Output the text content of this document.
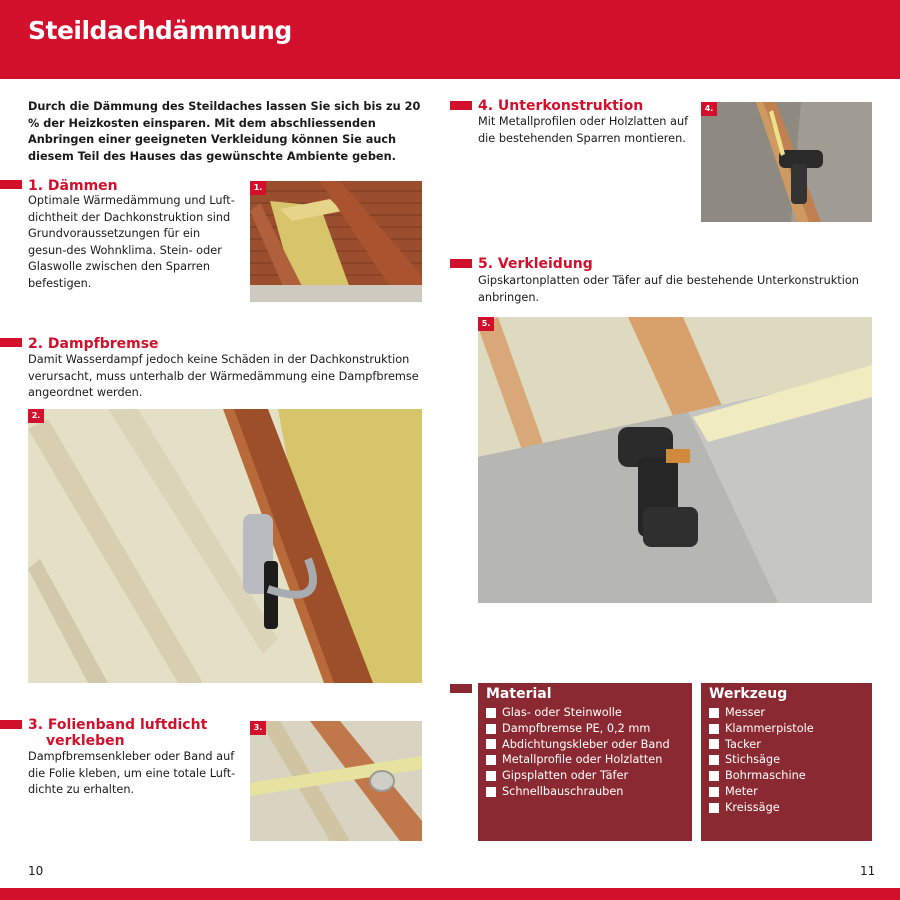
Steildachdämmung

Durch die Dämmung des Steildaches lassen Sie sich bis zu 20 % der Heizkosten einsparen. Mit dem abschliessenden Anbringen einer geeigneten Verkleidung können Sie auch diesem Teil des Hauses das gewünschte Ambiente geben.

1. Dämmen

Optimale Wärmedämmung und Luft-dichtheit der Dachkonstruktion sind Grundvoraussetzungen für ein gesun-des Wohnklima. Stein- oder Glaswolle zwischen den Sparren befestigen.

1.
2. Dampfbremse

Damit Wasserdampf jedoch keine Schäden in der Dachkonstruktion verursacht, muss unterhalb der Wärmedämmung eine Dampfbremse angeordnet werden.

2.
3. Folienband luftdicht
verkleben

Dampfbremsenkleber oder Band auf die Folie kleben, um eine totale Luft-dichte zu erhalten.

3.
4. Unterkonstruktion

Mit Metallprofilen oder Holzlatten auf die bestehenden Sparren montieren.

4.
5. Verkleidung

Gipskartonplatten oder Täfer auf die bestehende Unterkonstruktion anbringen.

5.
Material
Glas- oder Steinwolle
Dampfbremse PE, 0,2 mm
Abdichtungskleber oder Band
Metallprofile oder Holzlatten
Gipsplatten oder Täfer
Schnellbauschrauben
Werkzeug
Messer
Klammerpistole
Tacker
Stichsäge
Bohrmaschine
Meter
Kreissäge
10	11
